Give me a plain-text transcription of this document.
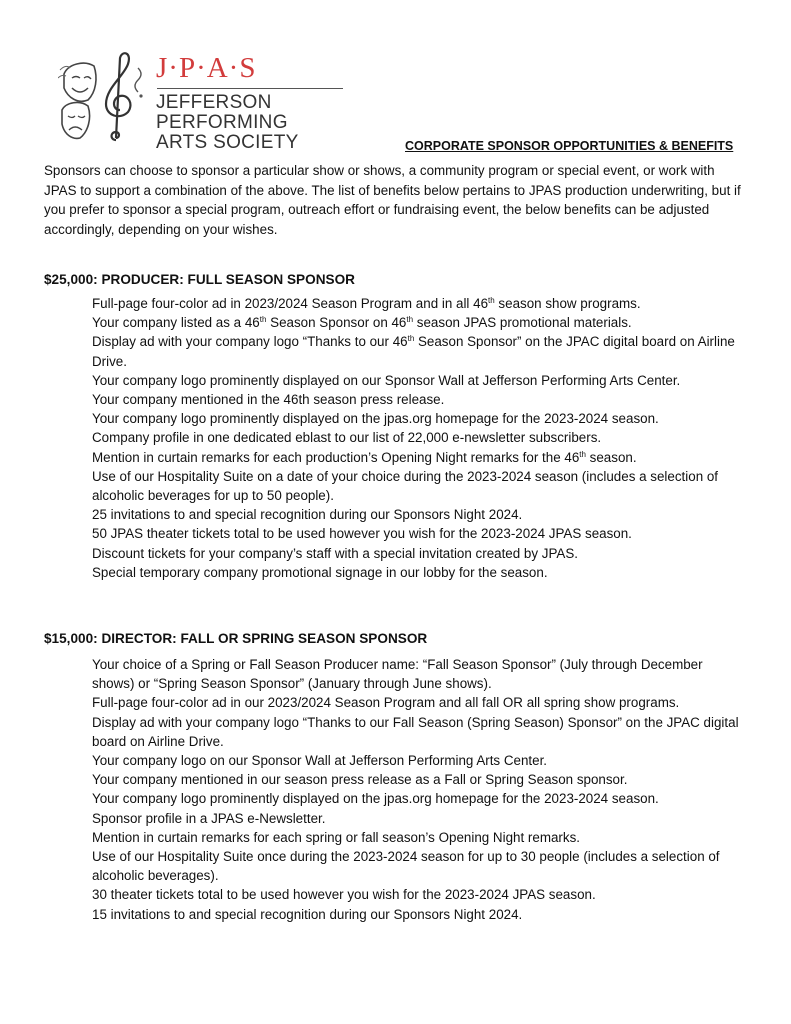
J·P·A·S
JEFFERSON
PERFORMING
ARTS SOCIETY	CORPORATE SPONSOR OPPORTUNITIES & BENEFITS
Sponsors can choose to sponsor a particular show or shows, a community program or special event, or work with JPAS to support a combination of the above. The list of benefits below pertains to JPAS production underwriting, but if you prefer to sponsor a special program, outreach effort or fundraising event, the below benefits can be adjusted accordingly, depending on your wishes.
$25,000: PRODUCER: FULL SEASON SPONSOR
Full-page four-color ad in 2023/2024 Season Program and in all 46th season show programs.
Your company listed as a 46th Season Sponsor on 46th season JPAS promotional materials.
Display ad with your company logo “Thanks to our 46th Season Sponsor” on the JPAC digital board on Airline Drive.
Your company logo prominently displayed on our Sponsor Wall at Jefferson Performing Arts Center.
Your company mentioned in the 46th season press release.
Your company logo prominently displayed on the jpas.org homepage for the 2023-2024 season.
Company profile in one dedicated eblast to our list of 22,000 e-newsletter subscribers.
Mention in curtain remarks for each production’s Opening Night remarks for the 46th season.
Use of our Hospitality Suite on a date of your choice during the 2023-2024 season (includes a selection of alcoholic beverages for up to 50 people).
25 invitations to and special recognition during our Sponsors Night 2024.
50 JPAS theater tickets total to be used however you wish for the 2023-2024 JPAS season.
Discount tickets for your company’s staff with a special invitation created by JPAS.
Special temporary company promotional signage in our lobby for the season.
$15,000: DIRECTOR: FALL OR SPRING SEASON SPONSOR
Your choice of a Spring or Fall Season Producer name: “Fall Season Sponsor” (July through December shows) or “Spring Season Sponsor” (January through June shows).
Full-page four-color ad in our 2023/2024 Season Program and all fall OR all spring show programs.
Display ad with your company logo “Thanks to our Fall Season (Spring Season) Sponsor” on the JPAC digital board on Airline Drive.
Your company logo on our Sponsor Wall at Jefferson Performing Arts Center.
Your company mentioned in our season press release as a Fall or Spring Season sponsor.
Your company logo prominently displayed on the jpas.org homepage for the 2023-2024 season.
Sponsor profile in a JPAS e-Newsletter.
Mention in curtain remarks for each spring or fall season’s Opening Night remarks.
Use of our Hospitality Suite once during the 2023-2024 season for up to 30 people (includes a selection of alcoholic beverages).
30 theater tickets total to be used however you wish for the 2023-2024 JPAS season.
15 invitations to and special recognition during our Sponsors Night 2024.
